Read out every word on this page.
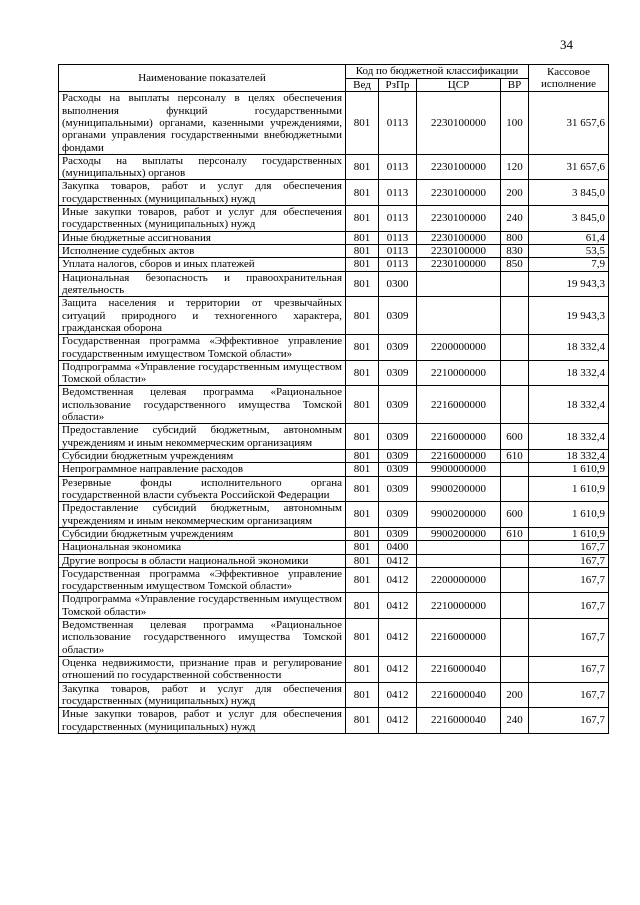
34
Наименование показателей	Код по бюджетной классификации				Кассовое исполнение
	Вед	РзПр	ЦСР	ВР	
Расходы на выплаты персоналу в целях обеспечения выполнения функций государственными (муниципальными) органами, казенными учреждениями, органами управления государственными внебюджетными фондами	801	0113	2230100000	100	31 657,6
Расходы на выплаты персоналу государственных (муниципальных) органов	801	0113	2230100000	120	31 657,6
Закупка товаров, работ и услуг для обеспечения государственных (муниципальных) нужд	801	0113	2230100000	200	3 845,0
Иные закупки товаров, работ и услуг для обеспечения государственных (муниципальных) нужд	801	0113	2230100000	240	3 845,0
Иные бюджетные ассигнования	801	0113	2230100000	800	61,4
Исполнение судебных актов	801	0113	2230100000	830	53,5
Уплата налогов, сборов и иных платежей	801	0113	2230100000	850	7,9
Национальная безопасность и правоохранительная деятельность	801	0300			19 943,3
Защита населения и территории от чрезвычайных ситуаций природного и техногенного характера, гражданская оборона	801	0309			19 943,3
Государственная программа «Эффективное управление государственным имуществом Томской области»	801	0309	2200000000		18 332,4
Подпрограмма «Управление государственным имуществом Томской области»	801	0309	2210000000		18 332,4
Ведомственная целевая программа «Рациональное использование государственного имущества Томской области»	801	0309	2216000000		18 332,4
Предоставление субсидий бюджетным, автономным учреждениям и иным некоммерческим организациям	801	0309	2216000000	600	18 332,4
Субсидии бюджетным учреждениям	801	0309	2216000000	610	18 332,4
Непрограммное направление расходов	801	0309	9900000000		1 610,9
Резервные фонды исполнительного органа государственной власти субъекта Российской Федерации	801	0309	9900200000		1 610,9
Предоставление субсидий бюджетным, автономным учреждениям и иным некоммерческим организациям	801	0309	9900200000	600	1 610,9
Субсидии бюджетным учреждениям	801	0309	9900200000	610	1 610,9
Национальная экономика	801	0400			167,7
Другие вопросы в области национальной экономики	801	0412			167,7
Государственная программа «Эффективное управление государственным имуществом Томской области»	801	0412	2200000000		167,7
Подпрограмма «Управление государственным имуществом Томской области»	801	0412	2210000000		167,7
Ведомственная целевая программа «Рациональное использование государственного имущества Томской области»	801	0412	2216000000		167,7
Оценка недвижимости, признание прав и регулирование отношений по государственной собственности	801	0412	2216000040		167,7
Закупка товаров, работ и услуг для обеспечения государственных (муниципальных) нужд	801	0412	2216000040	200	167,7
Иные закупки товаров, работ и услуг для обеспечения государственных (муниципальных) нужд	801	0412	2216000040	240	167,7
